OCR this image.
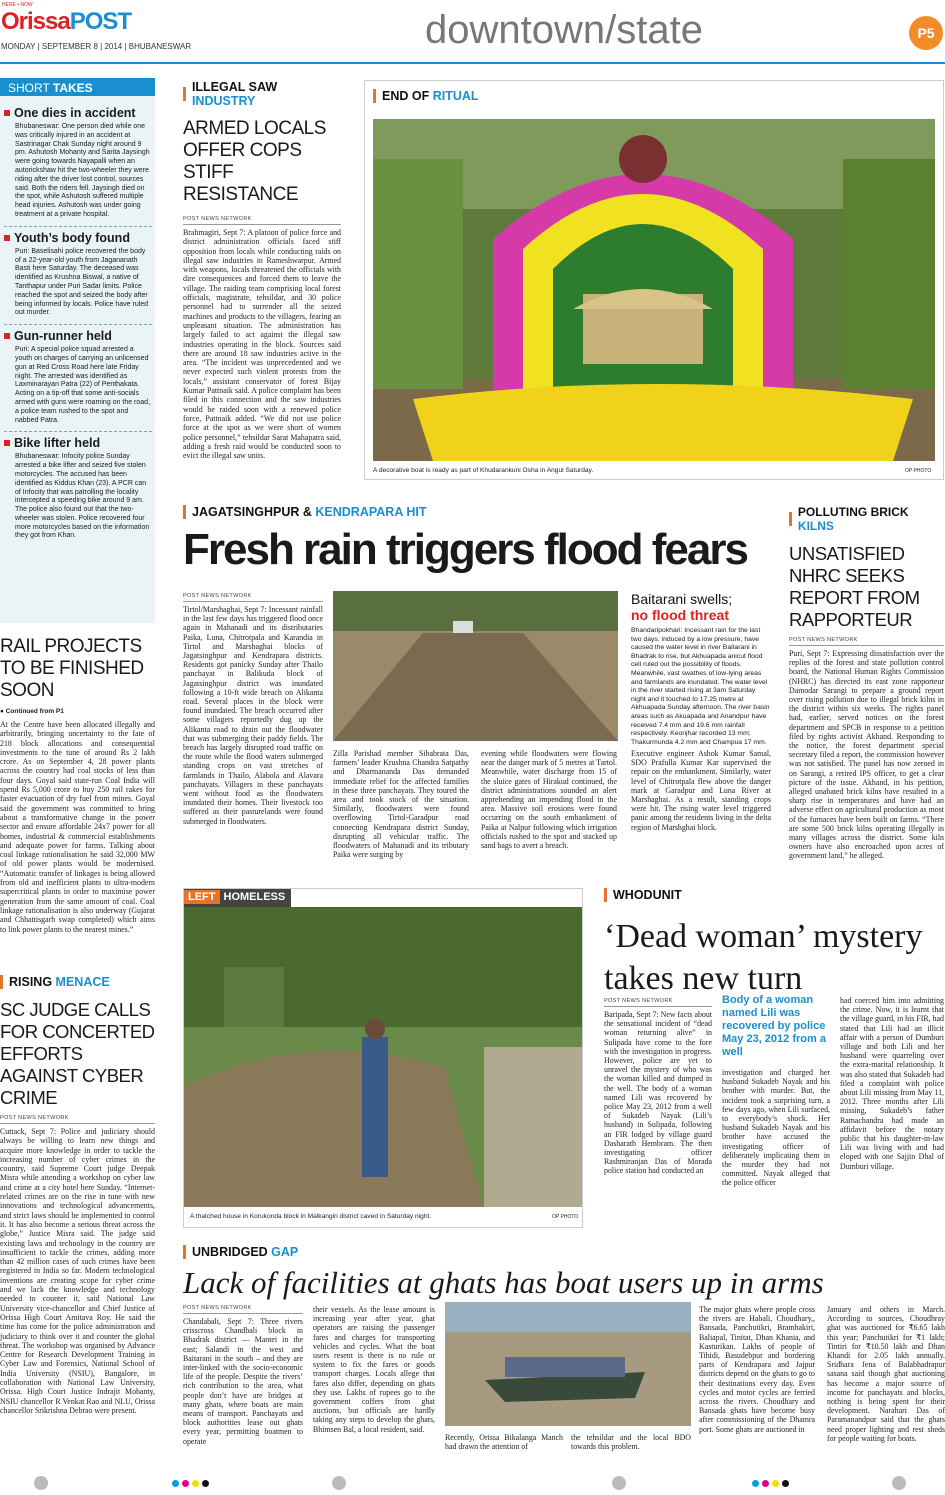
HERE • NOW
OrissaPOST
MONDAY | SEPTEMBER 8 | 2014 | BHUBANESWAR	downtown/state	P5
SHORT TAKES
One dies in accident

Bhubaneswar: One person died while one was critically injured in an accident at Sastrinagar Chak Sunday night around 9 pm. Ashutosh Mohanty and Sarita Jaysingh were going towards Nayapalli when an autorickshaw hit the two-wheeler they were riding after the driver lost control, sources said. Both the riders fell. Jaysingh died on the spot, while Ashutosh suffered multiple head injuries. Ashutosh was under going treatment at a private hospital.

Youth’s body found

Puri: Baselisahi police recovered the body of a 22-year-old youth from Jagananath Basti here Saturday. The deceased was identified as Krushna Biswal, a native of Tanthapur under Puri Sadar limits. Police reached the spot and seized the body after being informed by locals. Police have ruled out murder.

Gun-runner held

Puri: A special police squad arrested a youth on charges of carrying an unlicensed gun at Red Cross Road here late Friday night. The arrested was identified as Laxminarayan Patra (22) of Penthakata. Acting on a tip-off that some anti-socials armed with guns were roaming on the road, a police team rushed to the spot and nabbed Patra.

Bike lifter held

Bhubaneswar: Infocity police Sunday arrested a bike lifter and seized five stolen motorcycles. The accused has been identified as Kiddus Khan (23). A PCR can of Infocity that was patrolling the locality intercepted a speeding bike around 9 am. The police also found out that the two-wheeler was stolen. Police recovered four more motorcycles based on the information they got from Khan.

RAIL PROJECTS TO BE FINISHED SOON
● Continued from P1
At the Centre have been allocated illegally and arbitrarily, bringing uncertainty to the fate of 218 block allocations and consequential investments to the tune of around Rs 2 lakh crore. As on September 4, 28 power plants across the country had coal stocks of less than four days. Goyal said state-run Coal India will spend Rs 5,000 crore to buy 250 rail rakes for faster evacuation of dry fuel from mines. Goyal said the government was committed to bring about a transformative change in the power sector and ensure affordable 24x7 power for all homes, industrial & commercial establishments and adequate power for farms. Talking about coal linkage rationalisation he said 32,000 MW of old power plants would be modernised. “Automatic transfer of linkages is being allowed from old and inefficient plants to ultra-modern supercritical plants in order to maximise power generation from the same amount of coal. Coal linkage rationalisation is also underway (Gujarat and Chhattisgarh swap completed) which aims to link power plants to the nearest mines.”
RISING MENACE
SC JUDGE CALLS FOR CONCERTED EFFORTS AGAINST CYBER CRIME
POST NEWS NETWORK
Cuttack, Sept 7: Police and judiciary should always be willing to learn new things and acquire more knowledge in order to tackle the increasing number of cyber crimes in the country, said Supreme Court judge Deepak Misra while attending a workshop on cyber law and crime at a city hotel here Sunday. “Internet-related crimes are on the rise in tune with new innovations and technological advancements, and strict laws should be implemented to control it. It has also become a serious threat across the globe,” Justice Misra said. The judge said existing laws and technology in the country are insufficient to tackle the crimes, adding more than 42 million cases of such crimes have been registered in India so far. Modern technological inventions are creating scope for cyber crime and we lack the knowledge and technology needed to counter it, said National Law University vice-chancellor and Chief Justice of Orissa High Court Amitava Roy. He said the time has come for the police administration and judiciary to think over it and counter the global threat. The workshop was organised by Advance Centre for Research Development Training in Cyber Law and Forensics, National School of India University (NSIU), Bangalore, in collaboration with National Law University, Orissa. High Court Justice Indrajit Mohanty, NSIU chancellor R Venkat Rao and NLU, Orissa chancellor Srikrishna Debrao were present.
ILLEGAL SAW INDUSTRY
ARMED LOCALS OFFER COPS STIFF RESISTANCE
POST NEWS NETWORK
Brahmagiri, Sept 7: A platoon of police force and district administration officials faced stiff opposition from locals while conducting raids on illegal saw industries in Rameshwarpur. Armed with weapons, locals threatened the officials with dire consequences and forced them to leave the village. The raiding team comprising local forest officials, magistrate, tehsildar, and 30 police personnel had to surrender all the seized machines and products to the villagers, fearing an unpleasant situation. The administration has largely failed to act against the illegal saw industries operating in the block. Sources said there are around 18 saw industries active in the area. “The incident was unprecedented and we never expected such violent protests from the locals,” assistant conservator of forest Bijay Kumar Pattnaik said. A police complaint has been filed in this connection and the saw industries would be raided soon with a renewed police force, Pattnaik added. “We did not use police force at the spot as we were short of women police personnel,” tehsildar Sarat Mahapatra said, adding a fresh raid would be conducted soon to evict the illegal saw units.
END OF RITUAL
A decorative boat is ready as part of Khudarankuni Osha in Angul Saturday.	OP PHOTO
JAGATSINGHPUR & KENDRAPARA HIT
Fresh rain triggers flood fears
POST NEWS NETWORK
Tirtol/Marshaghai, Sept 7: Incessant rainfall in the last few days has triggered flood once again in Mahanadi and its distributaries Paika, Luna, Chitrotpala and Karandia in Tirtol and Marshaghai blocks of Jagatsinghpur and Kendrapara districts. Residents got panicky Sunday after Thailo panchayat in Balikuda block of Jagatsinghpur district was inundated following a 10-ft wide breach on Alikanta road. Several places in the block were found inundated. The breach occurred after some villagers reportedly dug up the Alikanta road to drain out the floodwater that was submerging their paddy fields. The breach has largely disrupted road traffic on the route while the flood waters submerged standing crops on vast stretches of farmlands in Thailo, Alabola and Alavara panchayats. Villagers in these panchayats went without food as the floodwaters inundated their homes. Their livestock too suffered as their pasturelands were found submerged in floodwaters.
Baitarani swells;
no flood threat
Bhandaripokhari: Incessant rain for the last two days, induced by a low pressure, have caused the water level in river Baitarani in Bhadrak to rise, but Akhuapada anicut flood cell ruled out the possibility of floods. Meanwhile, vast swathes of low-lying areas and farmlands are inundated. The water level in the river started rising at 3am Saturday night and it touched to 17.25 metre at Akhuapada Sunday afternoon. The river basin areas such as Akuapada and Anandpur have received 7.4 mm and 19.6 mm rainfall respectively. Keonjhar recorded 13 mm; Thakurmunda 4.2 mm and Champua 17 mm.
Zilla Parishad member Sibabrata Das, farmers’ leader Krushna Chandra Satpathy and Dharmananda Das demanded immediate relief for the affected families in these three panchayats. They toured the area and took stock of the situation. Similarly, floodwaters were found overflowing Tirtol-Garadpur road connecting Kendrapara district Sunday, disrupting all vehicular traffic. The floodwaters of Mahanadi and its tributary Paika were surging by
evening while floodwaters were flowing near the danger mark of 5 metres at Tartol. Meanwhile, water discharge from 15 of the sluice gates of Hirakud continued, the district administrations sounded an alert apprehending an impending flood in the area. Massive soil erosions were found occurring on the south embankment of Paika at Nalpur following which irrigation officials rushed to the spot and stacked up sand bags to avert a breach.
Executive engineer Ashok Kumar Samal, SDO Prafulla Kumar Kar supervised the repair on the embankment. Similarly, water level of Chitrotpala flew above the danger mark at Garadpur and Luna River at Marshaghai. As a result, standing crops were hit. The rising water level triggered panic among the residents living in the delta region of Marshghai block.
POLLUTING BRICK KILNS
UNSATISFIED NHRC SEEKS REPORT FROM RAPPORTEUR
POST NEWS NETWORK
Puri, Sept 7: Expressing dissatisfaction over the replies of the forest and state pollution control board, the National Human Rights Commission (NHRC) has directed its east zone rapporteur Damodar Sarangi to prepare a ground report over rising pollution due to illegal brick kilns in the district within six weeks. The rights panel had, earlier, served notices on the forest department and SPCB in response to a petition filed by rights activist Akhand. Responding to the notice, the forest department special secretary filed a report, the commission however was not satisfied. The panel has now zeroed in on Sarangi, a retired IPS officer, to get a clear picture of the issue. Akhand, in his petition, alleged unabated brick kilns have resulted in a sharp rise in temperatures and have had an adverse effect on agricultural production as most of the furnaces have been built on farms. “There are some 500 brick kilns operating illegally in many villages across the district. Some kiln owners have also encroached upon acres of government land,” he alleged.
LEFT HOMELESS
A thatched house in Korukonda block in Malkangiri district caved in Saturday night.	OP PHOTO
WHODUNIT
‘Dead woman’ mystery takes new turn
POST NEWS NETWORK
Baripada, Sept 7: New facts about the sensational incident of “dead woman returning alive” in Sulipada have come to the fore with the investigation in progress. However, police are yet to unravel the mystery of who was the woman killed and dumped in the well. The body of a woman named Lili was recovered by police May 23, 2012 from a well of Sukadeb Nayak (Lili’s husband) in Sulipada, following an FIR lodged by village guard Dasharath Hembram. The then investigating officer Rashmiranjan Das of Morada police station had conducted an
Body of a woman named Lili was recovered by police May 23, 2012 from a well
investigation and charged her husband Sukadeb Nayak and his brother with murder. But, the incident took a surprising turn, a few days ago, when Lili surfaced, to everybody’s shock. Her husband Sukadeb Nayak and his brother have accused the investigating officer of deliberately implicating them in the murder they had not committed. Nayak alleged that the police officer
had coerced him into admitting the crime. Now, it is learnt that the village guard, in his FIR, had stated that Lili had an illicit affair with a person of Dumburi village and both Lili and her husband were quarreling over the extra-marital relationship. It was also stated that Sukadeb had filed a complaint with police about Lili missing from May 11, 2012. Three months after Lili missing, Sukadeb’s father Ramachandra had made an affidavit before the notary public that his daughter-in-law Lili was living with and had eloped with one Sajjin Dhal of Dumburi village.
UNBRIDGED GAP
Lack of facilities at ghats has boat users up in arms
POST NEWS NETWORK
Chandabali, Sept 7: Three rivers crisscross Chandbali block in Bhadrak district — Mantei in the east; Salandi in the west and Baitarani in the south – and they are inter-linked with the socio-economic life of the people. Despite the rivers’ rich contribution to the area, what people don’t have are bridges at many ghats, where boats are main means of transport. Panchayats and block authorities lease out ghats every year, permitting boatmen to operate
their vessels. As the lease amount is increasing year after year, ghat operators are raising the passenger fares and charges for transporting vehicles and cycles. What the boat users resent is there is no rule or system to fix the fares or goods transport charges. Locals allege that fares also differ, depending on ghats they use. Lakhs of rupees go to the government coffers from ghat auctions, but officials are hardly taking any steps to develop the ghats, Bhimsen Bal, a local resident, said.
Recently, Orissa Bikalanga Manch had drawn the attention of
the tehsildar and the local BDO towards this problem.
The major ghats where people cross the rivers are Habali, Choudhary,, Bansada, Panchutikri, Bramhakiri, Baliapal, Tinitat, Dhan Khania, and Kasturikan. Lakhs of people of Tihidi, Basudebpur and bordering parts of Kendrapara and Jajpur districts depend on the ghats to go to their destinations every day. Even cycles and motor cycles are ferried across the rivers. Choudhary and Bansada ghats have become busy after commissioning of the Dhamra port. Some ghats are auctioned in
January and others in March. According to sources, Choudhray ghat was auctioned for ₹6.65 lakh this year; Panchutikri for ₹1 lakh; Tintiri for ₹10.50 lakh and Dhan Khandi for 2.05 lakh annually. Sridhara Jena of Balabhadrapur sasana said though ghat auctioning has become a major source of income for panchayats and blocks, nothing is being spent for their development. Narahari Das of Paramanandpur said that the ghats need proper lighting and rest sheds for people waiting for boats.
